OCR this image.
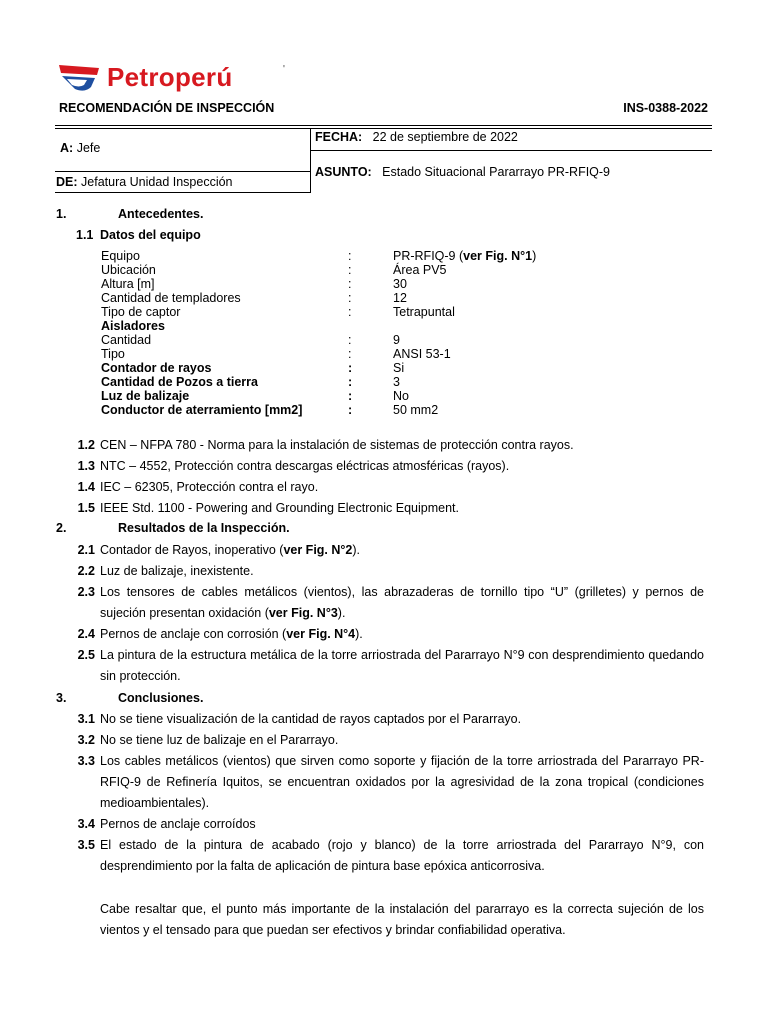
Petroperú	'
RECOMENDACIÓN DE INSPECCIÓN	INS-0388-2022
A: Jefe
DE: Jefatura Unidad Inspección
FECHA: 22 de septiembre de 2022
ASUNTO: Estado Situacional Pararrayo PR-RFIQ-9
1.	Antecedentes.
1.1 Datos del equipo
Equipo	:	PR-RFIQ-9 (ver Fig. N°1)
Ubicación	:	Área PV5
Altura [m]	:	30
Cantidad de templadores	:	12
Tipo de captor	:	Tetrapuntal
Aisladores
Cantidad	:	9
Tipo	:	ANSI 53-1
Contador de rayos	:	Si
Cantidad de Pozos a tierra	:	3
Luz de balizaje	:	No
Conductor de aterramiento [mm2]	:	50 mm2
1.2 CEN – NFPA 780 - Norma para la instalación de sistemas de protección contra rayos.
1.3 NTC – 4552, Protección contra descargas eléctricas atmosféricas (rayos).
1.4 IEC – 62305, Protección contra el rayo.
1.5 IEEE Std. 1100 - Powering and Grounding Electronic Equipment.
2.	Resultados de la Inspección.
2.1 Contador de Rayos, inoperativo (ver Fig. N°2).
2.2 Luz de balizaje, inexistente.
2.3 Los tensores de cables metálicos (vientos), las abrazaderas de tornillo tipo “U” (grilletes) y pernos de sujeción presentan oxidación (ver Fig. N°3).
2.4 Pernos de anclaje con corrosión (ver Fig. N°4).
2.5 La pintura de la estructura metálica de la torre arriostrada del Pararrayo N°9 con desprendimiento quedando sin protección.
3.	Conclusiones.
3.1 No se tiene visualización de la cantidad de rayos captados por el Pararrayo.
3.2 No se tiene luz de balizaje en el Pararrayo.
3.3 Los cables metálicos (vientos) que sirven como soporte y fijación de la torre arriostrada del Pararrayo PR-RFIQ-9 de Refinería Iquitos, se encuentran oxidados por la agresividad de la zona tropical (condiciones medioambientales).
3.4 Pernos de anclaje corroídos
3.5 El estado de la pintura de acabado (rojo y blanco) de la torre arriostrada del Pararrayo N°9, con desprendimiento por la falta de aplicación de pintura base epóxica anticorrosiva.
Cabe resaltar que, el punto más importante de la instalación del pararrayo es la correcta sujeción de los vientos y el tensado para que puedan ser efectivos y brindar confiabilidad operativa.
